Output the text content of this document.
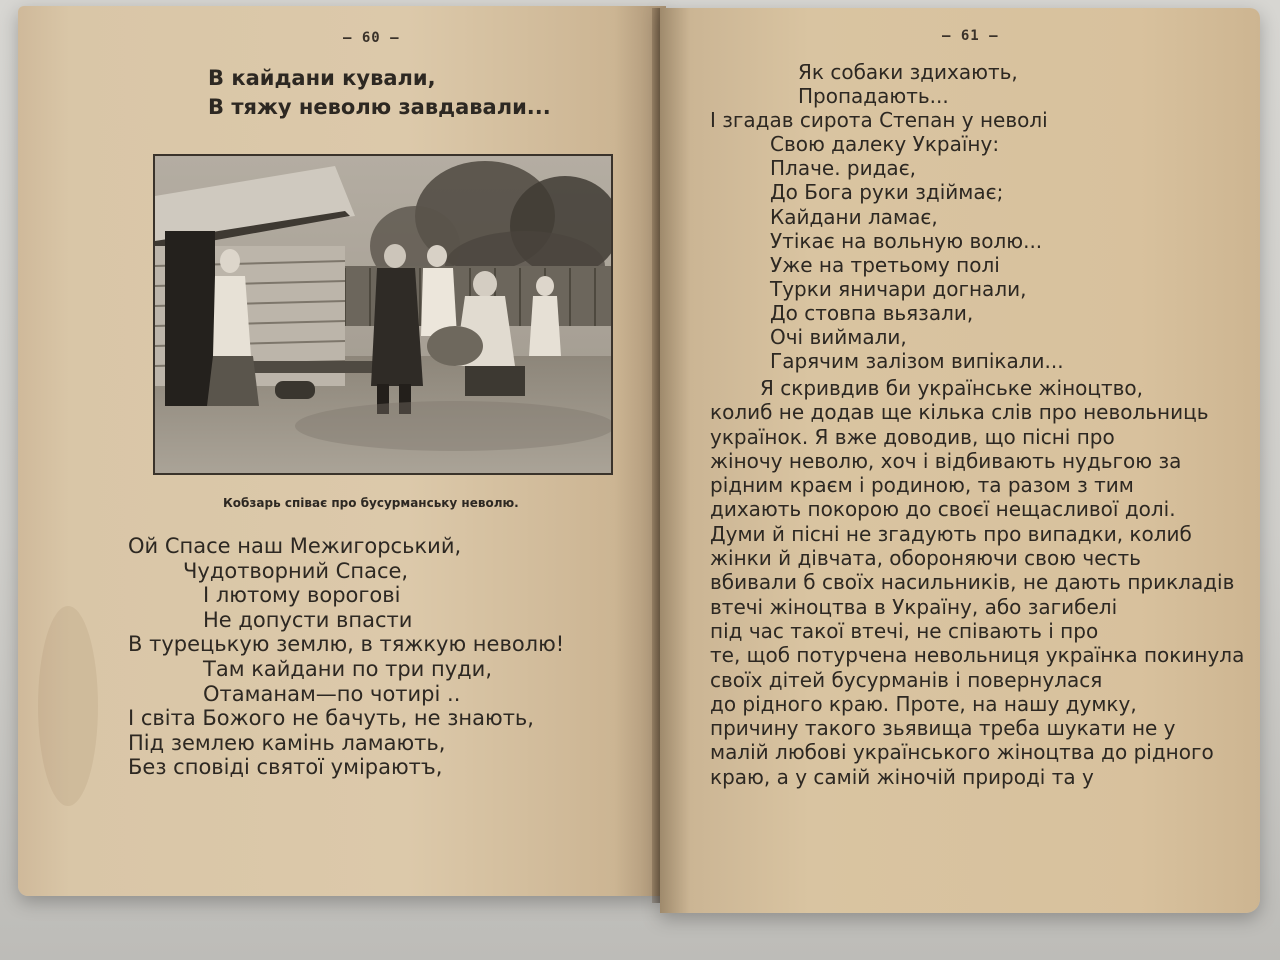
— 60 —
В кайдани кували,
В тяжу неволю завдавали...
Кобзарь співає про бусурманську неволю.
Ой Спасе наш Межигорський,
Чудотворний Спасе,
І лютому ворогові
Не допусти впасти
В турецькую землю, в тяжкую неволю!
Там кайдани по три пуди,
Отаманам—по чотирі ..
І світа Божого не бачуть, не знають,
Під землею камінь ламають,
Без сповіді святої уміраютъ,
— 61 —
Як собаки здихають,
Пропадають...
І згадав сирота Степан у неволі
Свою далеку Україну:
Плаче. ридає,
До Бога руки здіймає;
Кайдани ламає,
Утікає на вольную волю...
Уже на третьому полі
Турки яничари догнали,
До стовпа вьязали,
Очі виймали,
Гарячим залізом випікали...
Я скривдив би українське жіноцтво,
колиб не додав ще кілька слів про невольниць
українок. Я вже доводив, що пісні про
жіночу неволю, хоч і відбивають нудьгою за
рідним краєм і родиною, та разом з тим
дихають покорою до своєї нещасливої долі.
Думи й пісні не згадують про випадки, колиб
жінки й дівчата, обороняючи свою честь
вбивали б своїх насильників, не дають прикладів
втечі жіноцтва в Україну, або загибелі
під час такої втечі, не співають і про
те, щоб потурчена невольниця українка покинула
своїх дітей бусурманів і повернулася
до рідного краю. Проте, на нашу думку,
причину такого зьявища треба шукати не у
малій любові українського жіноцтва до рідного
краю, а у самій жіночій природі та у
